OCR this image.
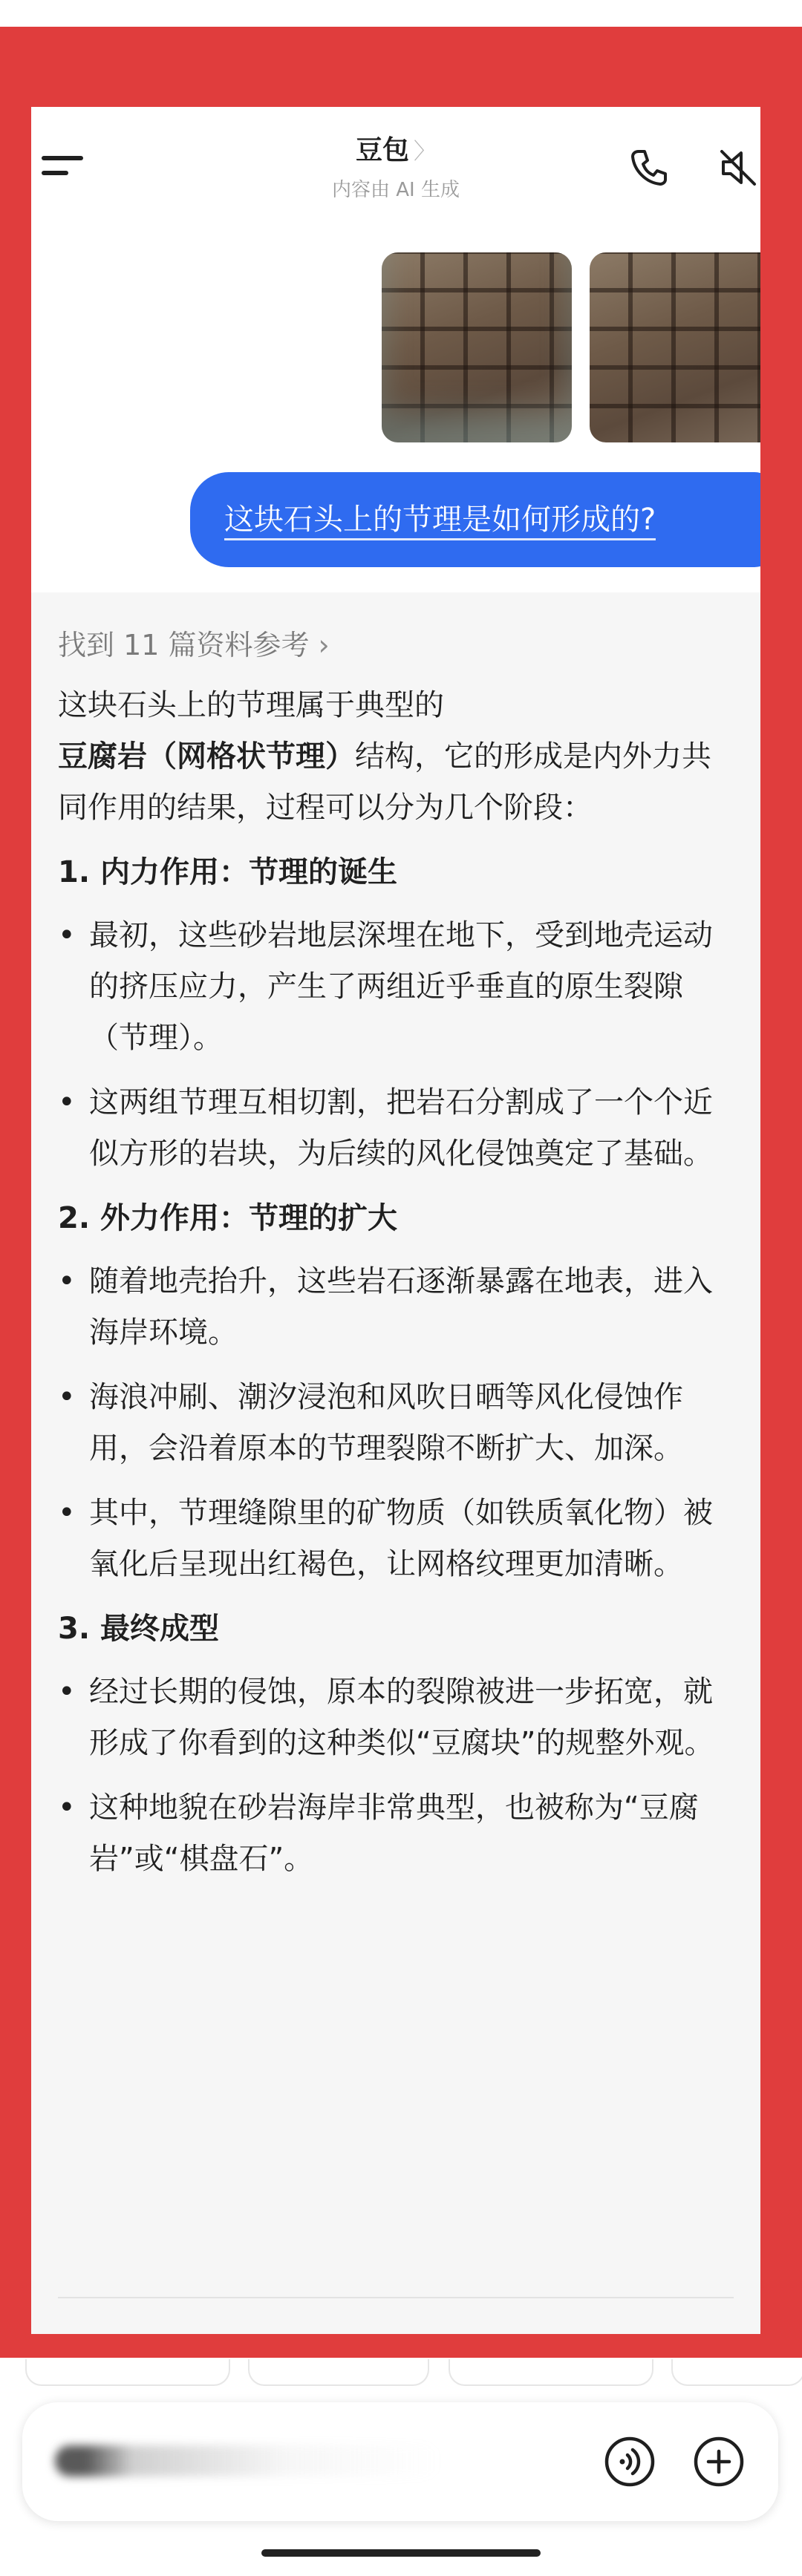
豆包 〉
内容由 AI 生成
这块石头上的节理是如何形成的?
找到 11 篇资料参考 ›

这块石头上的节理属于典型的豆腐岩（网格状节理）结构，它的形成是内外力共同作用的结果，过程可以分为几个阶段：

1. 内力作用：节理的诞生
• 最初，这些砂岩地层深埋在地下，受到地壳运动的挤压应力，产生了两组近乎垂直的原生裂隙（节理）。
• 这两组节理互相切割，把岩石分割成了一个个近似方形的岩块，为后续的风化侵蚀奠定了基础。
2. 外力作用：节理的扩大
• 随着地壳抬升，这些岩石逐渐暴露在地表，进入海岸环境。
• 海浪冲刷、潮汐浸泡和风吹日晒等风化侵蚀作用，会沿着原本的节理裂隙不断扩大、加深。
• 其中，节理缝隙里的矿物质（如铁质氧化物）被氧化后呈现出红褐色，让网格纹理更加清晰。
3. 最终成型
• 经过长期的侵蚀，原本的裂隙被进一步拓宽，就形成了你看到的这种类似“豆腐块”的规整外观。
• 这种地貌在砂岩海岸非常典型，也被称为“豆腐岩”或“棋盘石”。
